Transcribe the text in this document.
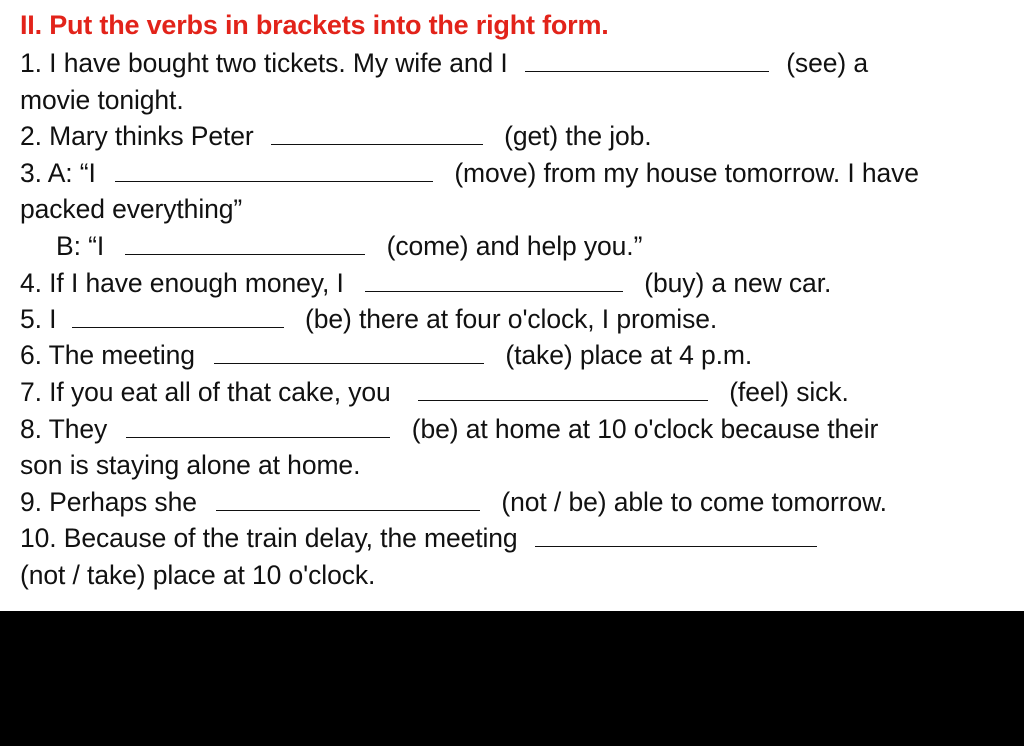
II. Put the verbs in brackets into the right form.
1. I have bought two tickets. My wife and I	(see) a
movie tonight.
2. Mary thinks Peter	(get) the job.
3. A: “I	(move) from my house tomorrow. I have
packed everything”
B: “I	(come) and help you.”
4. If I have enough money, I	(buy) a new car.
5. I	(be) there at four o'clock, I promise.
6. The meeting	(take) place at 4 p.m.
7. If you eat all of that cake, you	(feel) sick.
8. They	(be) at home at 10 o'clock because their
son is staying alone at home.
9. Perhaps she	(not / be) able to come tomorrow.
10. Because of the train delay, the meeting
(not / take) place at 10 o'clock.
